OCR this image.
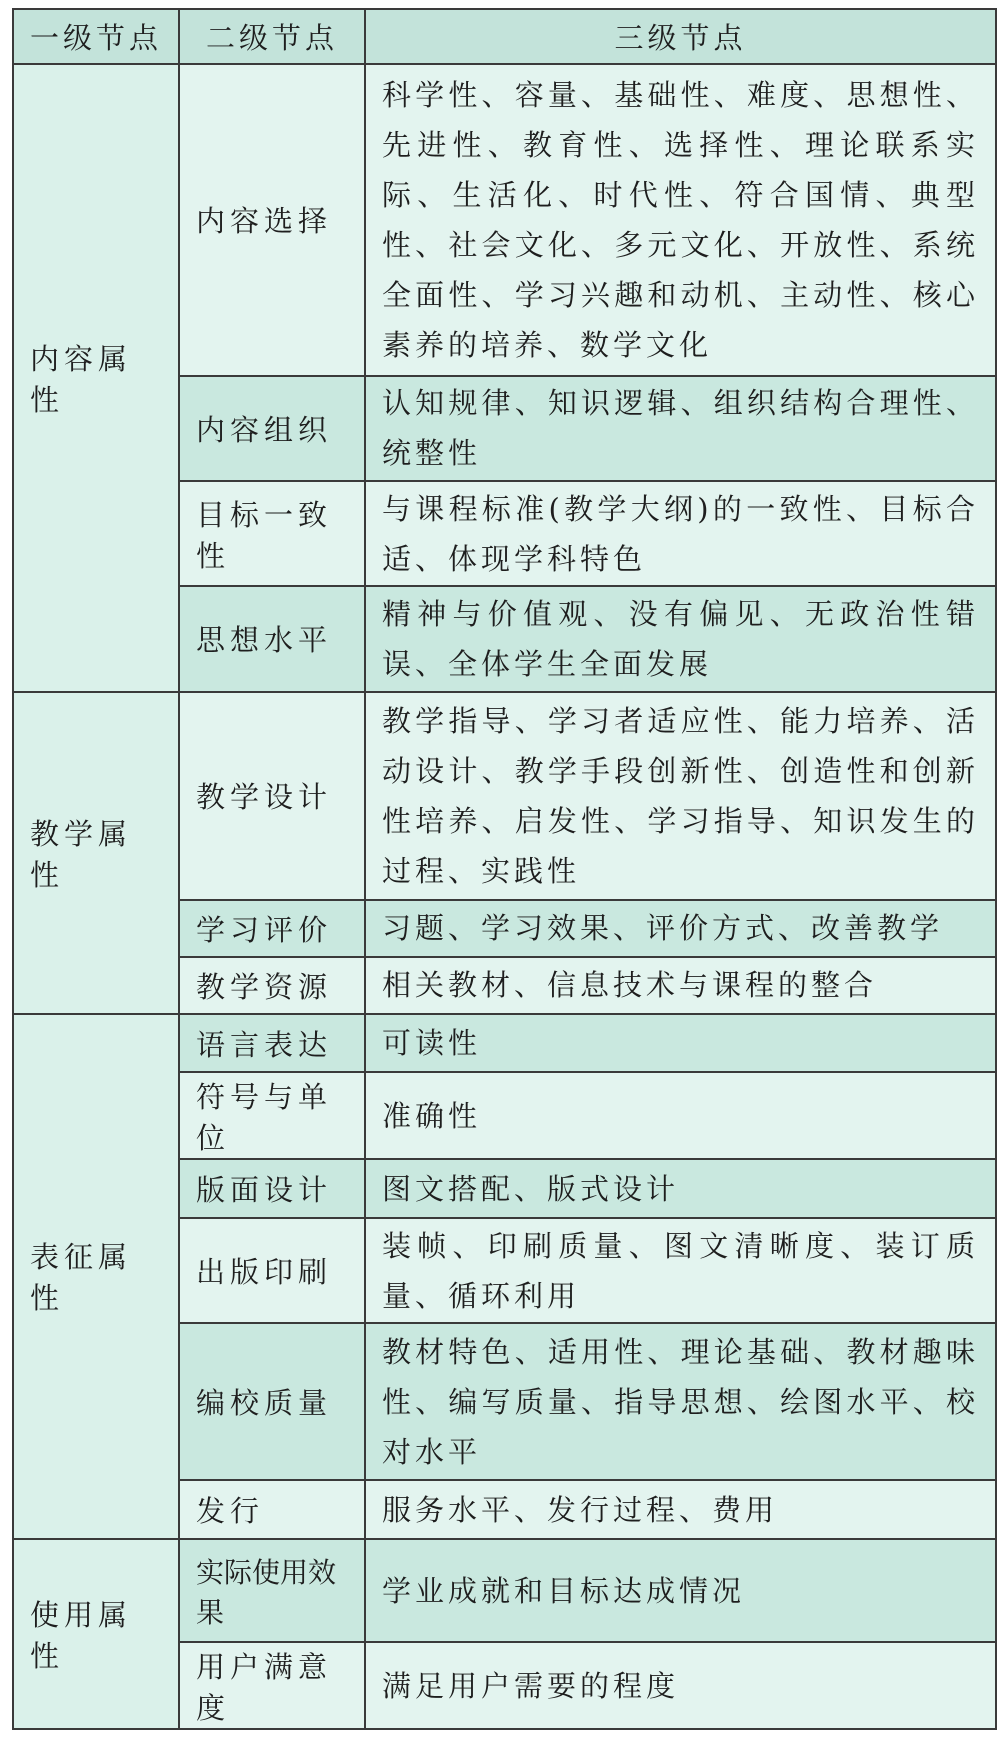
一级节点	二级节点	三级节点
内容属性	内容选择	科学性、容量、基础性、难度、思想性、先进性、教育性、选择性、理论联系实际、生活化、时代性、符合国情、典型性、社会文化、多元文化、开放性、系统全面性、学习兴趣和动机、主动性、核心素养的培养、数学文化
	内容组织	认知规律、知识逻辑、组织结构合理性、统整性
	目标一致性	与课程标准(教学大纲)的一致性、目标合适、体现学科特色
	思想水平	精神与价值观、没有偏见、无政治性错误、全体学生全面发展
教学属性	教学设计	教学指导、学习者适应性、能力培养、活动设计、教学手段创新性、创造性和创新性培养、启发性、学习指导、知识发生的过程、实践性
	学习评价	习题、学习效果、评价方式、改善教学
	教学资源	相关教材、信息技术与课程的整合
表征属性	语言表达	可读性
	符号与单位	准确性
	版面设计	图文搭配、版式设计
	出版印刷	装帧、印刷质量、图文清晰度、装订质量、循环利用
	编校质量	教材特色、适用性、理论基础、教材趣味性、编写质量、指导思想、绘图水平、校对水平
	发行	服务水平、发行过程、费用
使用属性	实际使用效果	学业成就和目标达成情况
	用户满意度	满足用户需要的程度
